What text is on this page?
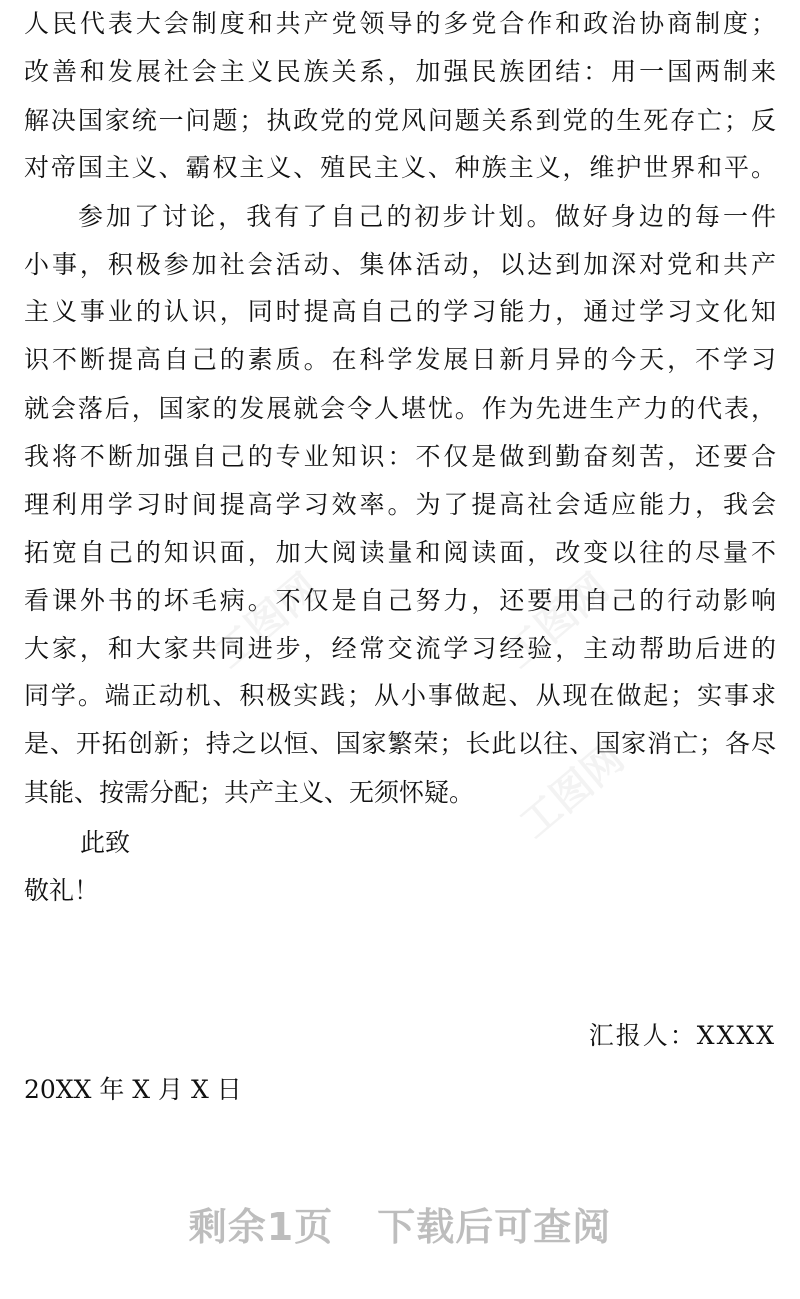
工图网	工图网
工图网
人民代表大会制度和共产党领导的多党合作和政治协商制度；
改善和发展社会主义民族关系，加强民族团结：用一国两制来
解决国家统一问题；执政党的党风问题关系到党的生死存亡；反
对帝国主义、霸权主义、殖民主义、种族主义，维护世界和平。
参加了讨论，我有了自己的初步计划。做好身边的每一件
小事，积极参加社会活动、集体活动，以达到加深对党和共产
主义事业的认识，同时提高自己的学习能力，通过学习文化知
识不断提高自己的素质。在科学发展日新月异的今天，不学习
就会落后，国家的发展就会令人堪忧。作为先进生产力的代表，
我将不断加强自己的专业知识：不仅是做到勤奋刻苦，还要合
理利用学习时间提高学习效率。为了提高社会适应能力，我会
拓宽自己的知识面，加大阅读量和阅读面，改变以往的尽量不
看课外书的坏毛病。不仅是自己努力，还要用自己的行动影响
大家，和大家共同进步，经常交流学习经验，主动帮助后进的
同学。端正动机、积极实践；从小事做起、从现在做起；实事求
是、开拓创新；持之以恒、国家繁荣；长此以往、国家消亡；各尽
其能、按需分配；共产主义、无须怀疑。
此致
敬礼！
汇报人：XXXX
20XX 年 X 月 X 日
剩余1页 下载后可查阅
